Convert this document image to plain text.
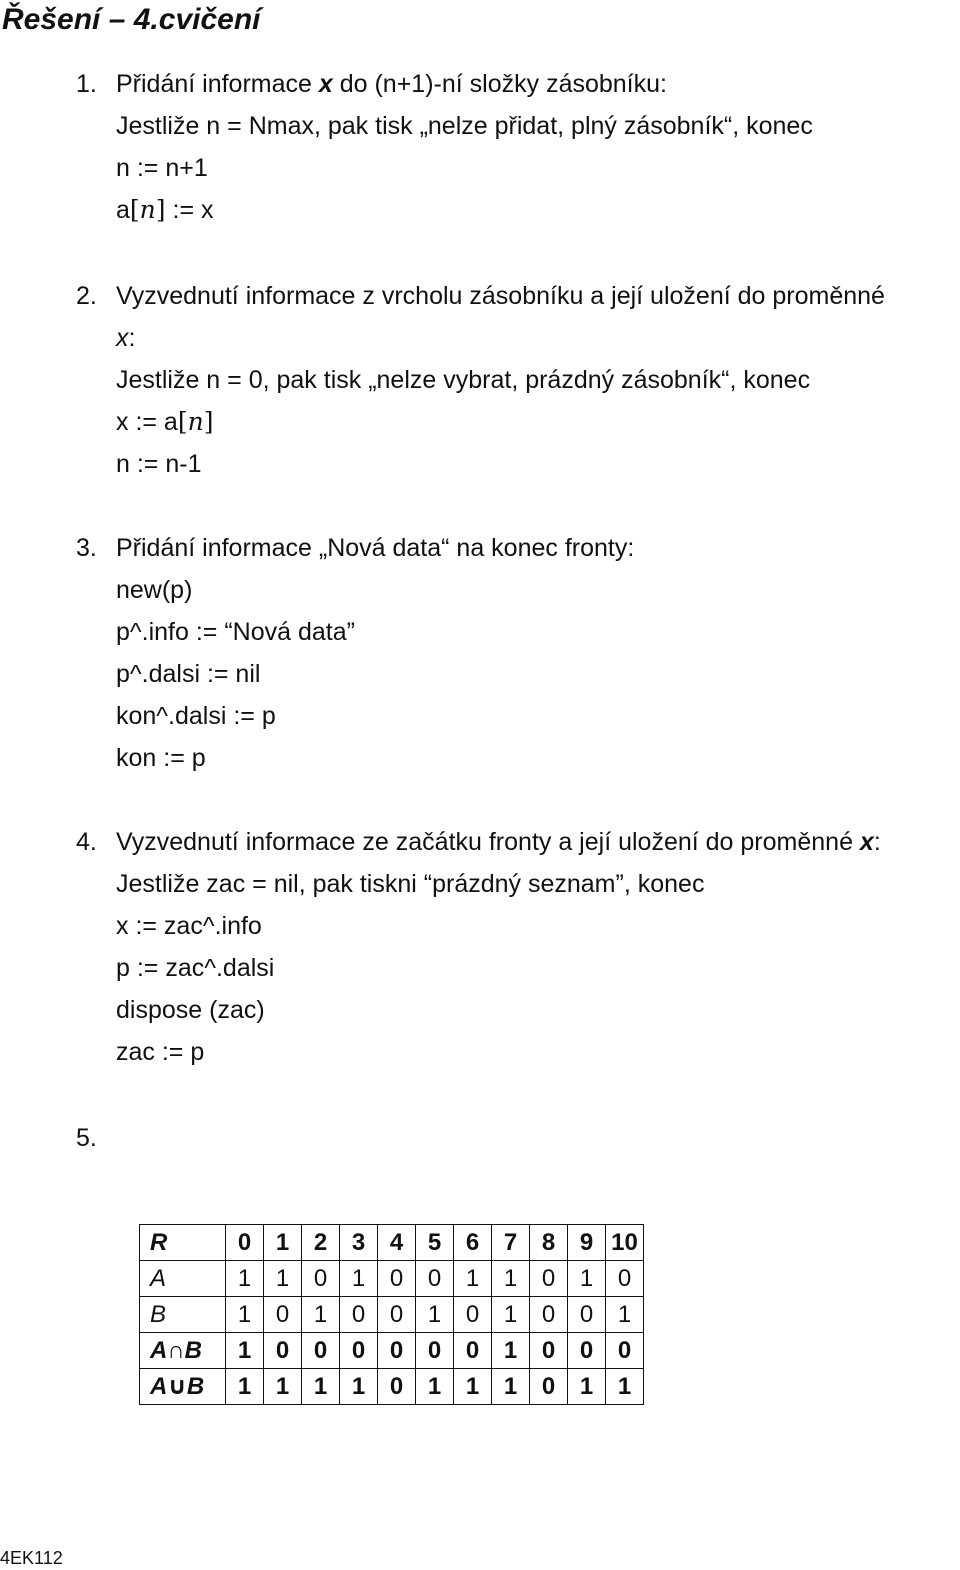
Řešení – 4.cvičení
1. Přidání informace x do (n+1)-ní složky zásobníku:
Jestliže n = Nmax, pak tisk „nelze přidat, plný zásobník“, konec
n := n+1
a[n] := x
2. Vyzvednutí informace z vrcholu zásobníku a její uložení do proměnné
x:
Jestliže n = 0, pak tisk „nelze vybrat, prázdný zásobník“, konec
x := a[n]
n := n-1
3. Přidání informace „Nová data“ na konec fronty:
new(p)
p^.info := “Nová data”
p^.dalsi := nil
kon^.dalsi := p
kon := p
4. Vyzvednutí informace ze začátku fronty a její uložení do proměnné x:
Jestliže zac = nil, pak tiskni “prázdný seznam”, konec
x := zac^.info
p := zac^.dalsi
dispose (zac)
zac := p
5.
R	0	1	2	3	4	5	6	7	8	9	10
A	1	1	0	1	0	0	1	1	0	1	0
B	1	0	1	0	0	1	0	1	0	0	1
A∩B	1	0	0	0	0	0	0	1	0	0	0
A∪B	1	1	1	1	0	1	1	1	0	1	1
4EK112
